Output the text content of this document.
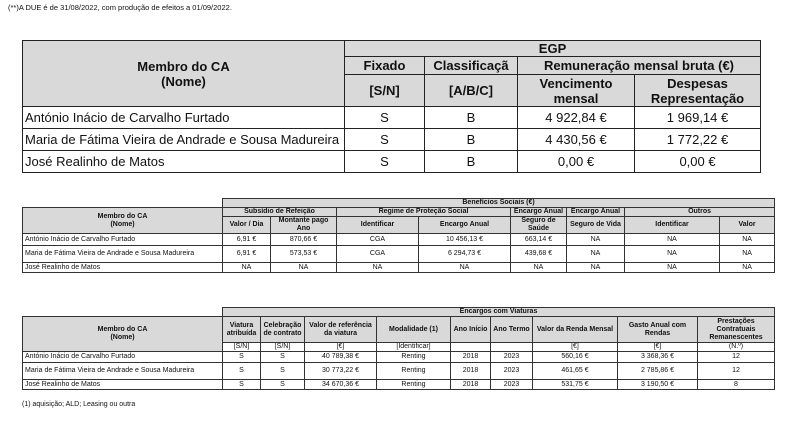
(**)A DUE é de 31/08/2022, com produção de efeitos a 01/09/2022.
Membro do CA
(Nome)	EGP			
	Fixado	Classificaçã	Remuneração mensal bruta (€)	
	[S/N]	[A/B/C]	Vencimento mensal	Despesas Representação
António Inácio de Carvalho Furtado	S	B	4 922,84 €	1 969,14 €
Maria de Fátima Vieira de Andrade e Sousa Madureira	S	B	4 430,56 €	1 772,22 €
José Realinho de Matos	S	B	0,00 €	0,00 €
	Benefícios Sociais (€)							

Membro do CA
(Nome)	Subsídio de Refeição		Regime de Proteção Social		Encargo Anual	Encargo Anual	Outros	
	Valor / Dia	Montante pago Ano	Identificar	Encargo Anual	Seguro de Saúde	Seguro de Vida	Identificar	Valor
António Inácio de Carvalho Furtado	6,91 €	870,66 €	CGA	10 456,13 €	663,14 €	NA	NA	NA
Maria de Fátima Vieira de Andrade e Sousa Madureira	6,91 €	573,53 €	CGA	6 294,73 €	439,68 €	NA	NA	NA
José Realinho de Matos	NA	NA	NA	NA	NA	NA	NA	NA
	Encargos com Viaturas								

Membro do CA
(Nome)	Viatura atribuída	Celebração de contrato	Valor de referência da viatura	Modalidade (1)	Ano Início	Ano Termo	Valor da Renda Mensal	Gasto Anual com Rendas	Prestações Contratuais Remanescentes
	[S/N]	[S/N]	[€]	[Identificar]			[€]	[€]	(N.º)
António Inácio de Carvalho Furtado	S	S	40 789,38 €	Renting	2018	2023	560,16 €	3 368,36 €	12
Maria de Fátima Vieira de Andrade e Sousa Madureira	S	S	30 773,22 €	Renting	2018	2023	461,65 €	2 785,86 €	12
José Realinho de Matos	S	S	34 670,36 €	Renting	2018	2023	531,75 €	3 190,50 €	8
(1) aquisição; ALD; Leasing ou outra
